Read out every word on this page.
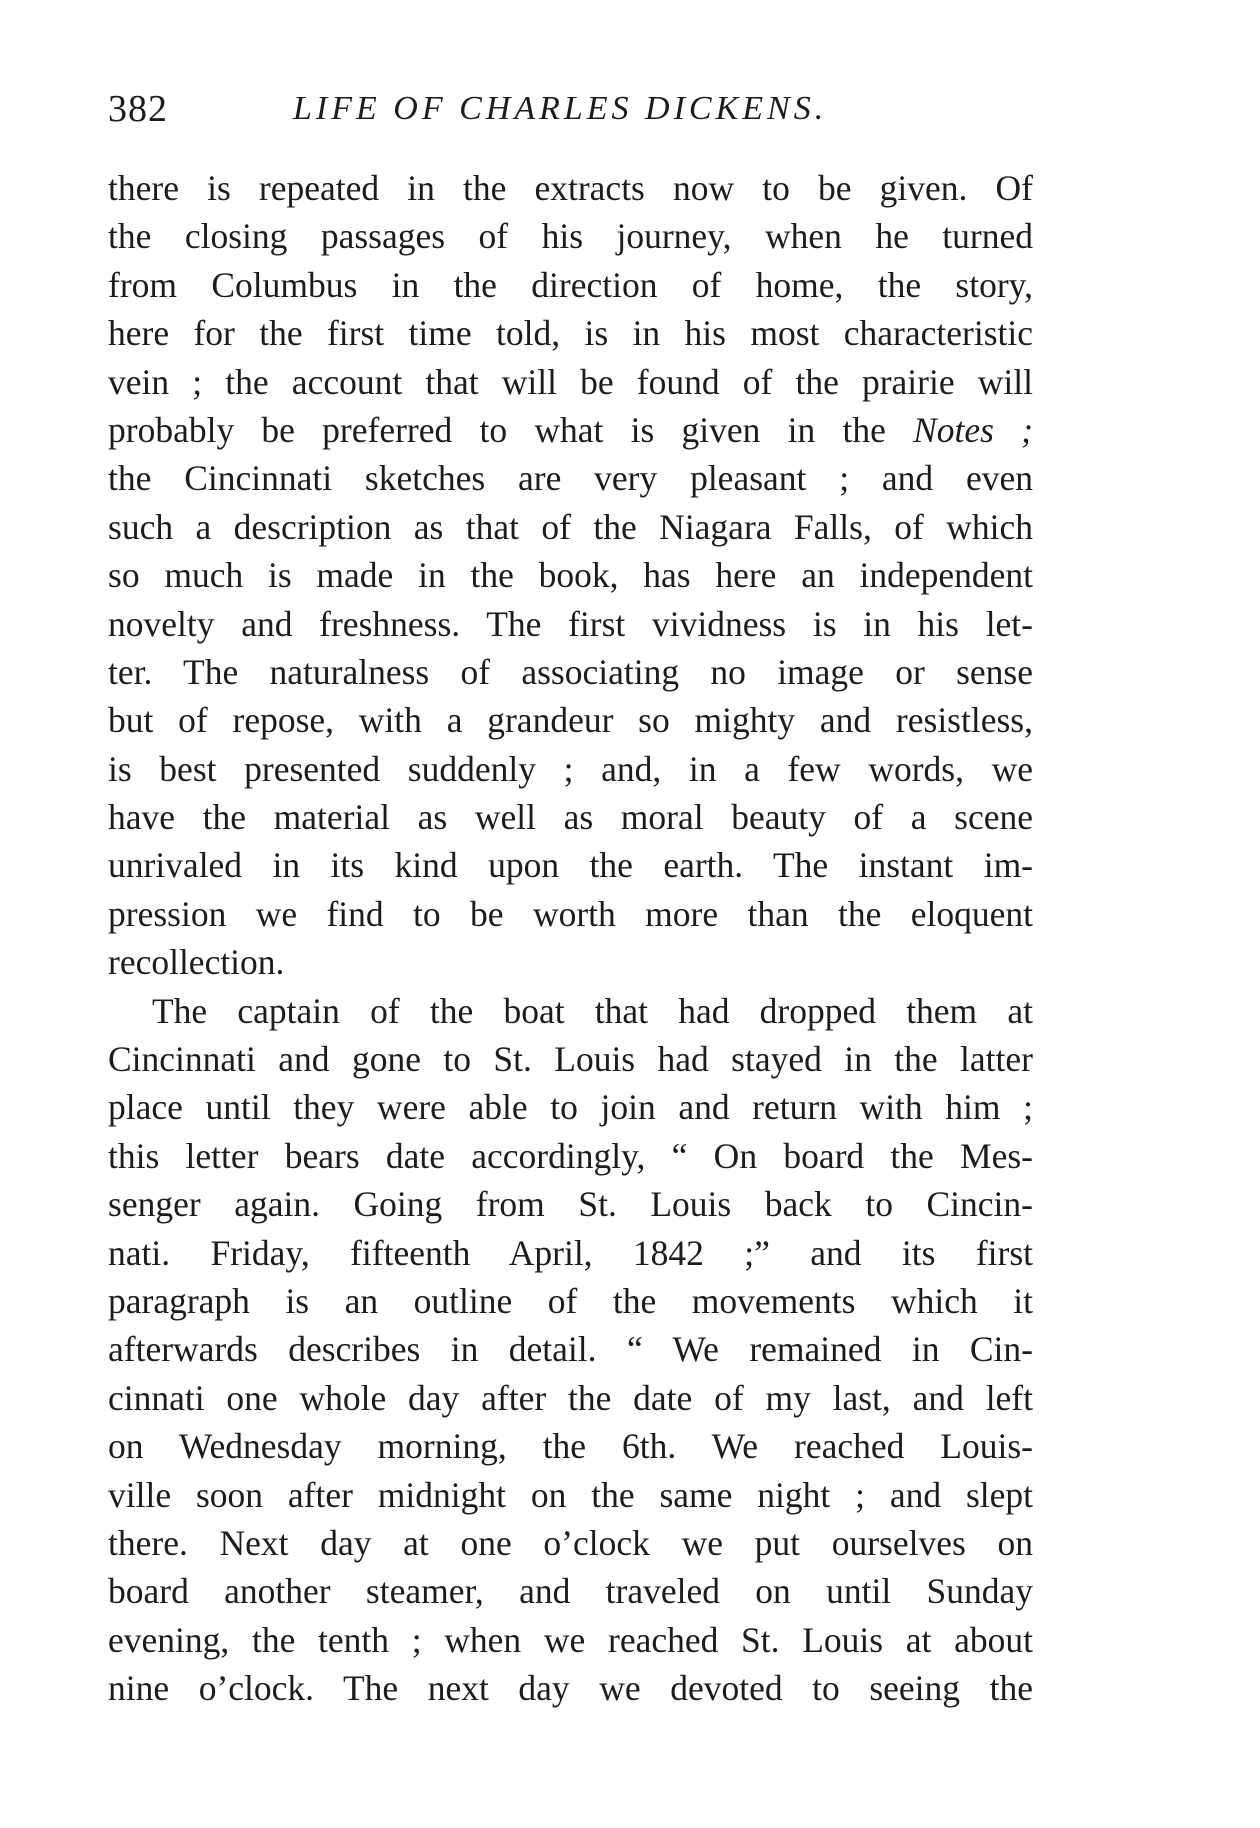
382	LIFE OF CHARLES DICKENS.
there is repeated in the extracts now to be given. Of
the closing passages of his journey, when he turned
from Columbus in the direction of home, the story,
here for the first time told, is in his most characteristic
vein ; the account that will be found of the prairie will
probably be preferred to what is given in the Notes ;
the Cincinnati sketches are very pleasant ; and even
such a description as that of the Niagara Falls, of which
so much is made in the book, has here an independent
novelty and freshness. The first vividness is in his let-
ter. The naturalness of associating no image or sense
but of repose, with a grandeur so mighty and resistless,
is best presented suddenly ; and, in a few words, we
have the material as well as moral beauty of a scene
unrivaled in its kind upon the earth. The instant im-
pression we find to be worth more than the eloquent
recollection.
The captain of the boat that had dropped them at
Cincinnati and gone to St. Louis had stayed in the latter
place until they were able to join and return with him ;
this letter bears date accordingly, “ On board the Mes-
senger again. Going from St. Louis back to Cincin-
nati. Friday, fifteenth April, 1842 ;” and its first
paragraph is an outline of the movements which it
afterwards describes in detail. “ We remained in Cin-
cinnati one whole day after the date of my last, and left
on Wednesday morning, the 6th. We reached Louis-
ville soon after midnight on the same night ; and slept
there. Next day at one o’clock we put ourselves on
board another steamer, and traveled on until Sunday
evening, the tenth ; when we reached St. Louis at about
nine o’clock. The next day we devoted to seeing the
